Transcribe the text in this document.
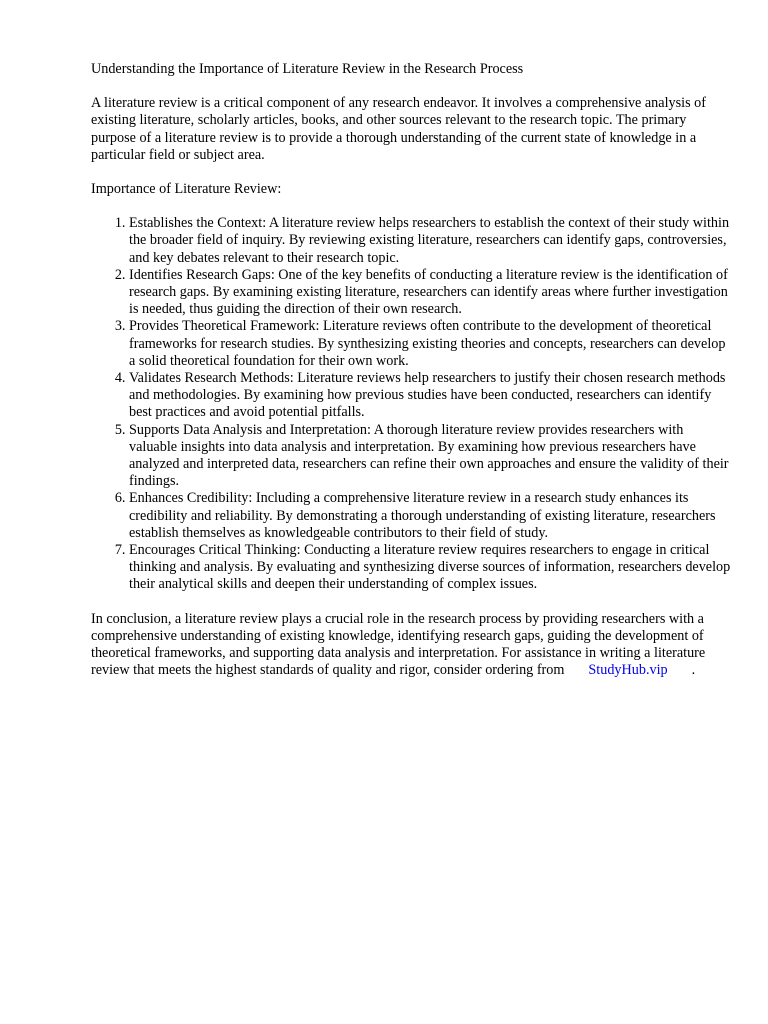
Understanding the Importance of Literature Review in the Research Process

A literature review is a critical component of any research endeavor. It involves a comprehensive analysis of existing literature, scholarly articles, books, and other sources relevant to the research topic. The primary purpose of a literature review is to provide a thorough understanding of the current state of knowledge in a particular field or subject area.

Importance of Literature Review:

1. Establishes the Context: A literature review helps researchers to establish the context of their study within the broader field of inquiry. By reviewing existing literature, researchers can identify gaps, controversies, and key debates relevant to their research topic.
2. Identifies Research Gaps: One of the key benefits of conducting a literature review is the identification of research gaps. By examining existing literature, researchers can identify areas where further investigation is needed, thus guiding the direction of their own research.
3. Provides Theoretical Framework: Literature reviews often contribute to the development of theoretical frameworks for research studies. By synthesizing existing theories and concepts, researchers can develop a solid theoretical foundation for their own work.
4. Validates Research Methods: Literature reviews help researchers to justify their chosen research methods and methodologies. By examining how previous studies have been conducted, researchers can identify best practices and avoid potential pitfalls.
5. Supports Data Analysis and Interpretation: A thorough literature review provides researchers with valuable insights into data analysis and interpretation. By examining how previous researchers have analyzed and interpreted data, researchers can refine their own approaches and ensure the validity of their findings.
6. Enhances Credibility: Including a comprehensive literature review in a research study enhances its credibility and reliability. By demonstrating a thorough understanding of existing literature, researchers establish themselves as knowledgeable contributors to their field of study.
7. Encourages Critical Thinking: Conducting a literature review requires researchers to engage in critical thinking and analysis. By evaluating and synthesizing diverse sources of information, researchers develop their analytical skills and deepen their understanding of complex issues.

In conclusion, a literature review plays a crucial role in the research process by providing researchers with a comprehensive understanding of existing knowledge, identifying research gaps, guiding the development of theoretical frameworks, and supporting data analysis and interpretation. For assistance in writing a literature review that meets the highest standards of quality and rigor, consider ordering from StudyHub.vip .
